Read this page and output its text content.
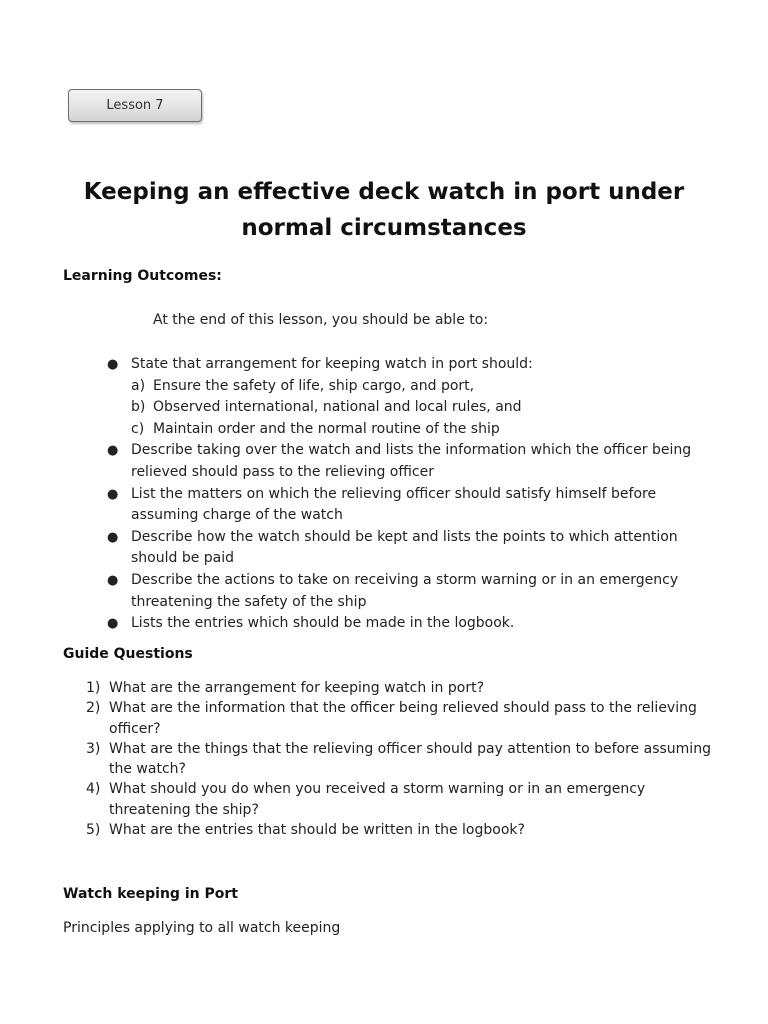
Lesson 7
Keeping an effective deck watch in port under normal circumstances
Learning Outcomes:

At the end of this lesson, you should be able to:

● State that arrangement for keeping watch in port should:
a) Ensure the safety of life, ship cargo, and port,
b) Observed international, national and local rules, and
c) Maintain order and the normal routine of the ship
● Describe taking over the watch and lists the information which the officer being relieved should pass to the relieving officer
● List the matters on which the relieving officer should satisfy himself before assuming charge of the watch
● Describe how the watch should be kept and lists the points to which attention should be paid
● Describe the actions to take on receiving a storm warning or in an emergency threatening the safety of the ship
● Lists the entries which should be made in the logbook.
Guide Questions
1) What are the arrangement for keeping watch in port?
2) What are the information that the officer being relieved should pass to the relieving officer?
3) What are the things that the relieving officer should pay attention to before assuming the watch?
4) What should you do when you received a storm warning or in an emergency threatening the ship?
5) What are the entries that should be written in the logbook?
Watch keeping in Port

Principles applying to all watch keeping
